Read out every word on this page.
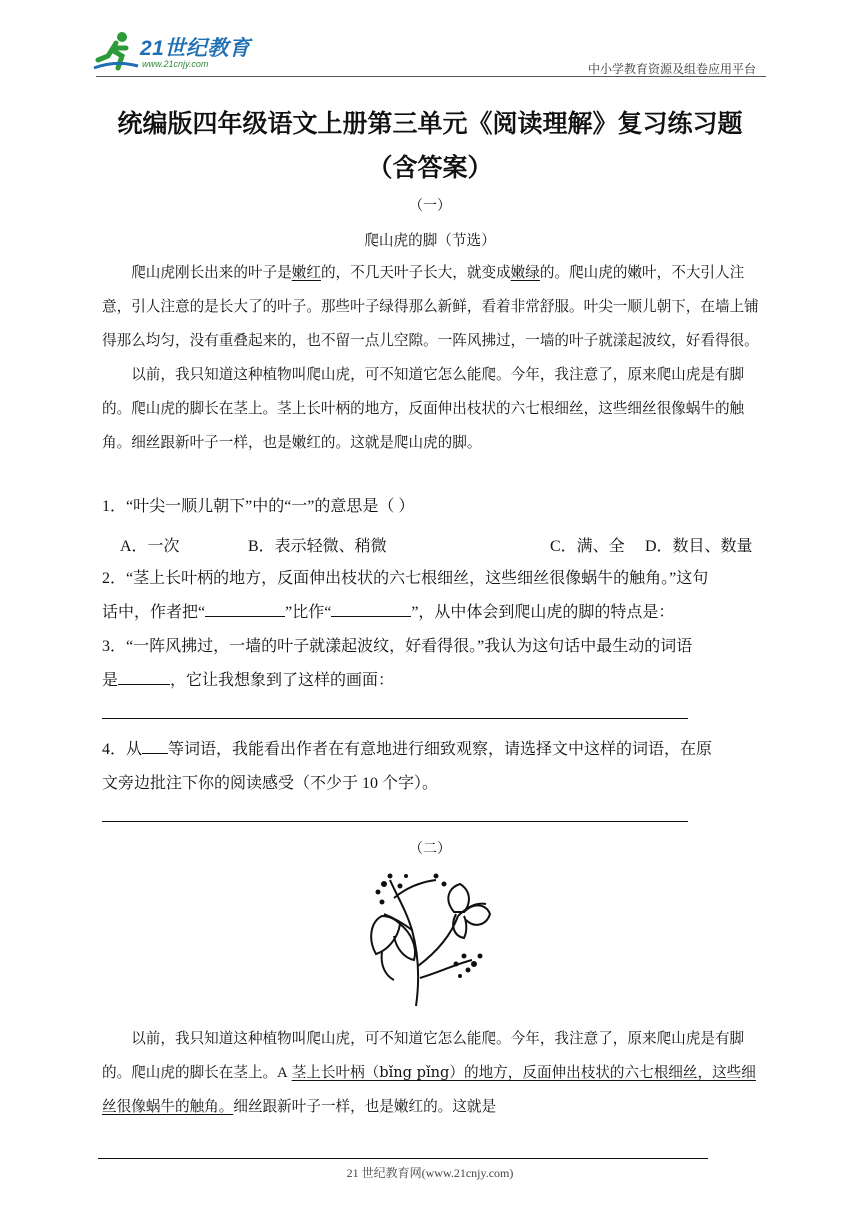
21世纪教育
www.21cnjy.com	中小学教育资源及组卷应用平台
统编版四年级语文上册第三单元《阅读理解》复习练习题
（含答案）
（一）
爬山虎的脚（节选）

爬山虎刚长出来的叶子是嫩红的，不几天叶子长大，就变成嫩绿的。爬山虎的嫩叶，不大引人注意，引人注意的是长大了的叶子。那些叶子绿得那么新鲜，看着非常舒服。叶尖一顺儿朝下，在墙上铺得那么均匀，没有重叠起来的，也不留一点儿空隙。一阵风拂过，一墙的叶子就漾起波纹，好看得很。

以前，我只知道这种植物叫爬山虎，可不知道它怎么能爬。今年，我注意了，原来爬山虎是有脚的。爬山虎的脚长在茎上。茎上长叶柄的地方，反面伸出枝状的六七根细丝，这些细丝很像蜗牛的触角。细丝跟新叶子一样，也是嫩红的。这就是爬山虎的脚。

1．“叶尖一顺儿朝下”中的“一”的意思是（ ）
A．一次	B．表示轻微、稍微	C．满、全 D．数目、数量

2．“茎上长叶柄的地方，反面伸出枝状的六七根细丝，这些细丝很像蜗牛的触角。”这句

话中，作者把“	”比作“	”，从中体会到爬山虎的脚的特点是：

3．“一阵风拂过，一墙的叶子就漾起波纹，好看得很。”我认为这句话中最生动的词语

是	，它让我想象到了这样的画面：

4．从 等词语，我能看出作者在有意地进行细致观察，请选择文中这样的词语，在原

文旁边批注下你的阅读感受（不少于 10 个字）。

（二）

以前，我只知道这种植物叫爬山虎，可不知道它怎么能爬。今年，我注意了，原来爬山虎是有脚的。爬山虎的脚长在茎上。A 茎上长叶柄（bǐng pǐng）的地方，反面伸出枝状的六七根细丝，这些细丝很像蜗牛的触角。细丝跟新叶子一样，也是嫩红的。这就是

21 世纪教育网(www.21cnjy.com)
